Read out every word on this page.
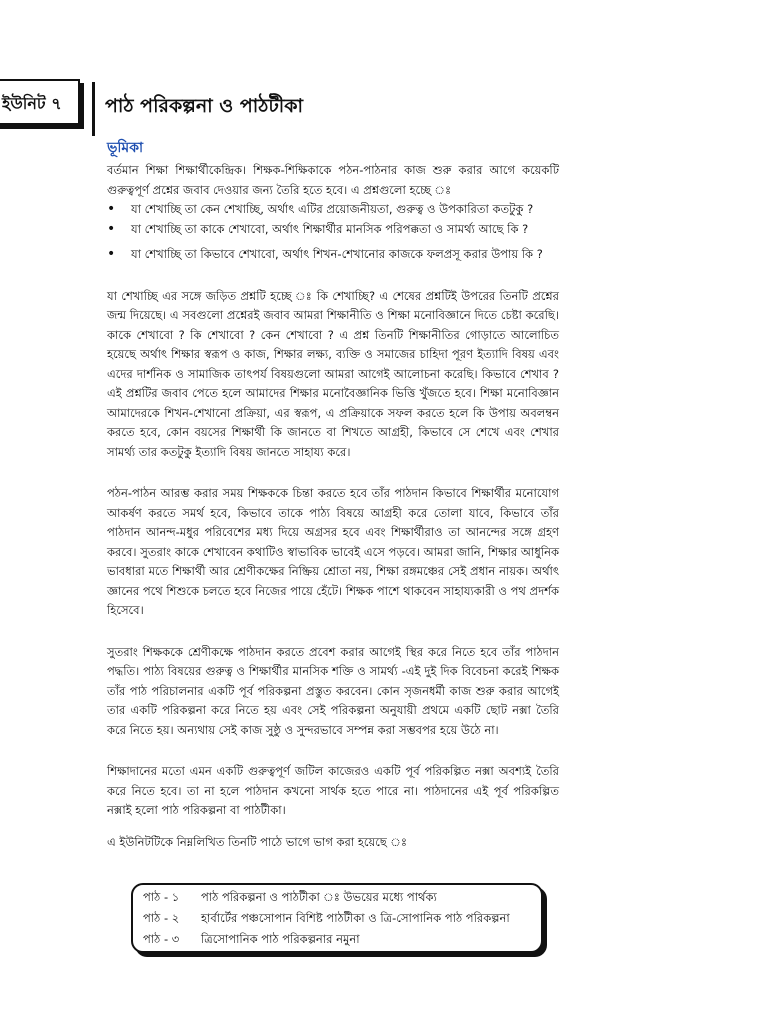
ইউনিট ৭	পাঠ পরিকল্পনা ও পাঠটীকা
ভূমিকা

বর্তমান শিক্ষা শিক্ষার্থীকেন্দ্রিক। শিক্ষক-শিক্ষিকাকে পঠন-পাঠনার কাজ শুরু করার আগে কয়েকটি গুরুত্বপূর্ণ প্রশ্নের জবাব দেওয়ার জন্য তৈরি হতে হবে। এ প্রশ্নগুলো হচ্ছে ঃ

• যা শেখাচ্ছি তা কেন শেখাচ্ছি, অর্থাৎ এটির প্রয়োজনীয়তা, গুরুত্ব ও উপকারিতা কতটুকু ?
• যা শেখাচ্ছি তা কাকে শেখাবো, অর্থাৎ শিক্ষার্থীর মানসিক পরিপক্কতা ও সামর্থ্য আছে কি ?
• যা শেখাচ্ছি তা কিভাবে শেখাবো, অর্থাৎ শিখন-শেখানোর কাজকে ফলপ্রসূ করার উপায় কি ?

যা শেখাচ্ছি এর সঙ্গে জড়িত প্রশ্নটি হচ্ছে ঃ কি শেখাচ্ছি? এ শেষের প্রশ্নটিই উপরের তিনটি প্রশ্নের জন্ম দিয়েছে। এ সবগুলো প্রশ্নেরই জবাব আমরা শিক্ষানীতি ও শিক্ষা মনোবিজ্ঞানে দিতে চেষ্টা করেছি। কাকে শেখাবো ? কি শেখাবো ? কেন শেখাবো ? এ প্রশ্ন তিনটি শিক্ষানীতির গোড়াতে আলোচিত হয়েছে অর্থাৎ শিক্ষার স্বরূপ ও কাজ, শিক্ষার লক্ষ্য, ব্যক্তি ও সমাজের চাহিদা পূরণ ইত্যাদি বিষয় এবং এদের দার্শনিক ও সামাজিক তাৎপর্য বিষয়গুলো আমরা আগেই আলোচনা করেছি। কিভাবে শেখাব ? এই প্রশ্নটির জবাব পেতে হলে আমাদের শিক্ষার মনোবৈজ্ঞানিক ভিত্তি খুঁজতে হবে। শিক্ষা মনোবিজ্ঞান আমাদেরকে শিখন-শেখানো প্রক্রিয়া, এর স্বরূপ, এ প্রক্রিয়াকে সফল করতে হলে কি উপায় অবলম্বন করতে হবে, কোন বয়সের শিক্ষার্থী কি জানতে বা শিখতে আগ্রহী, কিভাবে সে শেখে এবং শেখার সামর্থ্য তার কতটুকু ইত্যাদি বিষয় জানতে সাহায্য করে।

পঠন-পাঠন আরম্ভ করার সময় শিক্ষককে চিন্তা করতে হবে তাঁর পাঠদান কিভাবে শিক্ষার্থীর মনোযোগ আকর্ষণ করতে সমর্থ হবে, কিভাবে তাকে পাঠ্য বিষয়ে আগ্রহী করে তোলা যাবে, কিভাবে তাঁর পাঠদান আনন্দ-মধুর পরিবেশের মধ্য দিয়ে অগ্রসর হবে এবং শিক্ষার্থীরাও তা আনন্দের সঙ্গে গ্রহণ করবে। সুতরাং কাকে শেখাবেন কথাটিও স্বাভাবিক ভাবেই এসে পড়বে। আমরা জানি, শিক্ষার আধুনিক ভাবধারা মতে শিক্ষার্থী আর শ্রেণীকক্ষের নিষ্ক্রিয় শ্রোতা নয়, শিক্ষা রঙ্গমঞ্চের সেই প্রধান নায়ক। অর্থাৎ জ্ঞানের পথে শিশুকে চলতে হবে নিজের পায়ে হেঁটে। শিক্ষক পাশে থাকবেন সাহায্যকারী ও পথ প্রদর্শক হিসেবে।

সুতরাং শিক্ষককে শ্রেণীকক্ষে পাঠদান করতে প্রবেশ করার আগেই স্থির করে নিতে হবে তাঁর পাঠদান পদ্ধতি। পাঠ্য বিষয়ের গুরুত্ব ও শিক্ষার্থীর মানসিক শক্তি ও সামর্থ্য -এই দুই দিক বিবেচনা করেই শিক্ষক তাঁর পাঠ পরিচালনার একটি পূর্ব পরিকল্পনা প্রস্তুত করবেন। কোন সৃজনধর্মী কাজ শুরু করার আগেই তার একটি পরিকল্পনা করে নিতে হয় এবং সেই পরিকল্পনা অনুযায়ী প্রথমে একটি ছোট নক্সা তৈরি করে নিতে হয়। অন্যথায় সেই কাজ সুষ্ঠু ও সুন্দরভাবে সম্পন্ন করা সম্ভবপর হয়ে উঠে না।

শিক্ষাদানের মতো এমন একটি গুরুত্বপূর্ণ জটিল কাজেরও একটি পূর্ব পরিকল্পিত নক্সা অবশ্যই তৈরি করে নিতে হবে। তা না হলে পাঠদান কখনো সার্থক হতে পারে না। পাঠদানের এই পূর্ব পরিকল্পিত নক্সাই হলো পাঠ পরিকল্পনা বা পাঠটীকা।

এ ইউনিটটিকে নিম্নলিখিত তিনটি পাঠে ভাগে ভাগ করা হয়েছে ঃ

পাঠ - ১ পাঠ পরিকল্পনা ও পাঠটীকা ঃ উভয়ের মধ্যে পার্থক্য
পাঠ - ২ হার্বার্টের পঞ্চসোপান বিশিষ্ট পাঠটীকা ও ত্রি-সোপানিক পাঠ পরিকল্পনা
পাঠ - ৩ ত্রিসোপানিক পাঠ পরিকল্পনার নমুনা
